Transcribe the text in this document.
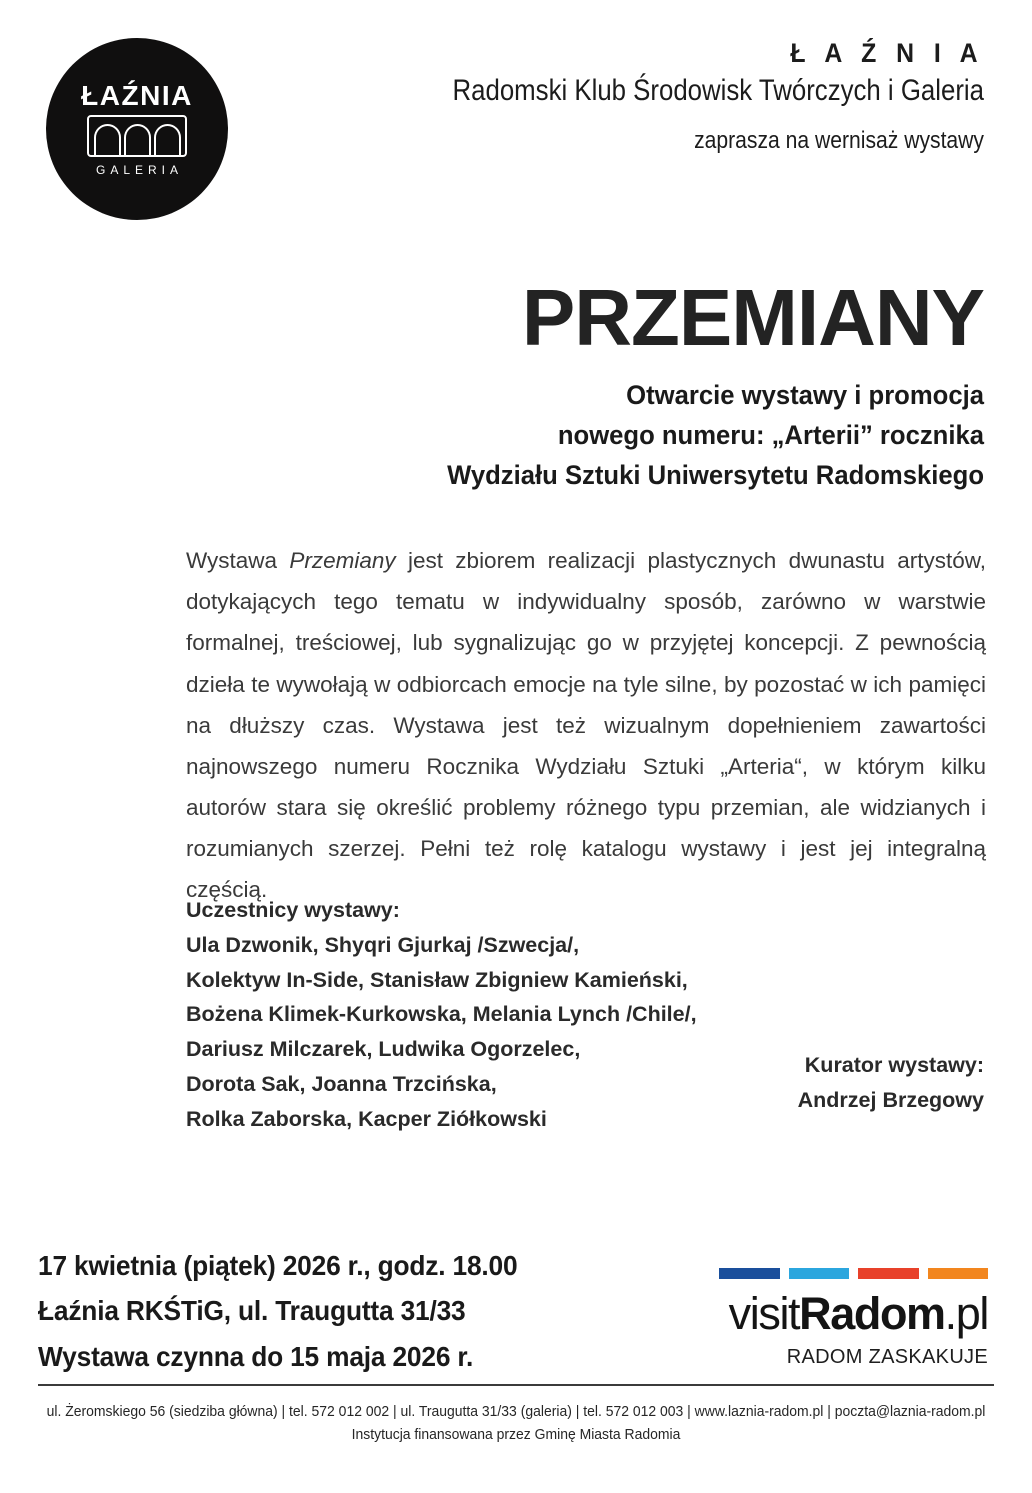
ŁAŹNIA
GALERIA
Ł A Ź N I A
Radomski Klub Środowisk Twórczych i Galeria
zaprasza na wernisaż wystawy
PRZEMIANY
Otwarcie wystawy i promocja
nowego numeru: „Arterii” rocznika
Wydziału Sztuki Uniwersytetu Radomskiego

Wystawa Przemiany jest zbiorem realizacji plastycznych dwunastu artystów, dotykających tego tematu w indywidualny sposób, zarówno w warstwie formalnej, treściowej, lub sygnalizując go w przyjętej koncepcji. Z pewnością dzieła te wywołają w odbiorcach emocje na tyle silne, by pozostać w ich pamięci na dłuższy czas. Wystawa jest też wizualnym dopełnieniem zawartości najnowszego numeru Rocznika Wydziału Sztuki „Arteria“, w którym kilku autorów stara się określić problemy różnego typu przemian, ale widzianych i rozumianych szerzej. Pełni też rolę katalogu wystawy i jest jej integralną częścią.

Uczestnicy wystawy:
Ula Dzwonik, Shyqri Gjurkaj /Szwecja/,
Kolektyw In-Side, Stanisław Zbigniew Kamieński,
Bożena Klimek-Kurkowska, Melania Lynch /Chile/,
Dariusz Milczarek, Ludwika Ogorzelec,
Dorota Sak, Joanna Trzcińska,
Rolka Zaborska, Kacper Ziółkowski
Kurator wystawy:
Andrzej Brzegowy
17 kwietnia (piątek) 2026 r., godz. 18.00
Łaźnia RKŚTiG, ul. Traugutta 31/33
Wystawa czynna do 15 maja 2026 r.
visitRadom.pl
RADOM ZASKAKUJE
ul. Żeromskiego 56 (siedziba główna) | tel. 572 012 002 | ul. Traugutta 31/33 (galeria) | tel. 572 012 003 | www.laznia-radom.pl | poczta@laznia-radom.pl
Instytucja finansowana przez Gminę Miasta Radomia
